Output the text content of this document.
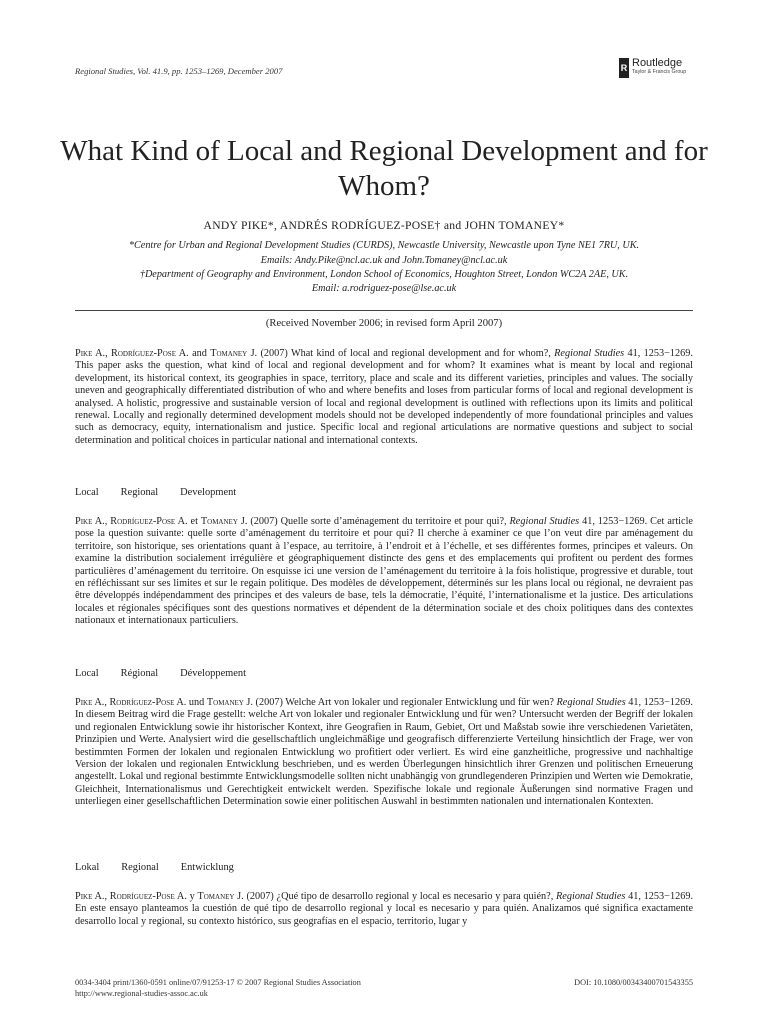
Regional Studies, Vol. 41.9, pp. 1253–1269, December 2007	R Routledge
Taylor & Francis Group
What Kind of Local and Regional Development and for Whom?
ANDY PIKE*, ANDRÉS RODRÍGUEZ-POSE† and JOHN TOMANEY*
*Centre for Urban and Regional Development Studies (CURDS), Newcastle University, Newcastle upon Tyne NE1 7RU, UK.
Emails: Andy.Pike@ncl.ac.uk and John.Tomaney@ncl.ac.uk
†Department of Geography and Environment, London School of Economics, Houghton Street, London WC2A 2AE, UK.
Email: a.rodriguez-pose@lse.ac.uk
(Received November 2006; in revised form April 2007)
Pike A., Rodríguez-Pose A. and Tomaney J. (2007) What kind of local and regional development and for whom?, Regional Studies 41, 1253−1269. This paper asks the question, what kind of local and regional development and for whom? It examines what is meant by local and regional development, its historical context, its geographies in space, territory, place and scale and its different varieties, principles and values. The socially uneven and geographically differentiated distribution of who and where benefits and loses from particular forms of local and regional development is analysed. A holistic, progressive and sustainable version of local and regional development is outlined with reflections upon its limits and political renewal. Locally and regionally determined development models should not be developed independently of more foundational principles and values such as democracy, equity, internationalism and justice. Specific local and regional articulations are normative questions and subject to social determination and political choices in particular national and international contexts.
Local Regional Development
Pike A., Rodríguez-Pose A. et Tomaney J. (2007) Quelle sorte d’aménagement du territoire et pour qui?, Regional Studies 41, 1253−1269. Cet article pose la question suivante: quelle sorte d’aménagement du territoire et pour qui? Il cherche à examiner ce que l’on veut dire par aménagement du territoire, son historique, ses orientations quant à l’espace, au territoire, à l’endroit et à l’échelle, et ses différentes formes, principes et valeurs. On examine la distribution socialement irrégulière et géographiquement distincte des gens et des emplacements qui profitent ou perdent des formes particulières d’aménagement du territoire. On esquisse ici une version de l’aménagement du territoire à la fois holistique, progressive et durable, tout en réfléchissant sur ses limites et sur le regain politique. Des modèles de développement, déterminés sur les plans local ou régional, ne devraient pas être développés indépendamment des principes et des valeurs de base, tels la démocratie, l’équité, l’internationalisme et la justice. Des articulations locales et régionales spécifiques sont des questions normatives et dépendent de la détermination sociale et des choix politiques dans des contextes nationaux et internationaux particuliers.
Local Régional Développement
Pike A., Rodríguez-Pose A. und Tomaney J. (2007) Welche Art von lokaler und regionaler Entwicklung und für wen? Regional Studies 41, 1253−1269. In diesem Beitrag wird die Frage gestellt: welche Art von lokaler und regionaler Entwicklung und für wen? Untersucht werden der Begriff der lokalen und regionalen Entwicklung sowie ihr historischer Kontext, ihre Geografien in Raum, Gebiet, Ort und Maßstab sowie ihre verschiedenen Varietäten, Prinzipien und Werte. Analysiert wird die gesellschaftlich ungleichmäßige und geografisch differenzierte Verteilung hinsichtlich der Frage, wer von bestimmten Formen der lokalen und regionalen Entwicklung wo profitiert oder verliert. Es wird eine ganzheitliche, progressive und nachhaltige Version der lokalen und regionalen Entwicklung beschrieben, und es werden Überlegungen hinsichtlich ihrer Grenzen und politischen Erneuerung angestellt. Lokal und regional bestimmte Entwicklungsmodelle sollten nicht unabhängig von grundlegenderen Prinzipien und Werten wie Demokratie, Gleichheit, Internationalismus und Gerechtigkeit entwickelt werden. Spezifische lokale und regionale Äußerungen sind normative Fragen und unterliegen einer gesellschaftlichen Determination sowie einer politischen Auswahl in bestimmten nationalen und internationalen Kontexten.
Lokal Regional Entwicklung
Pike A., Rodríguez-Pose A. y Tomaney J. (2007) ¿Qué tipo de desarrollo regional y local es necesario y para quién?, Regional Studies 41, 1253−1269. En este ensayo planteamos la cuestión de qué tipo de desarrollo regional y local es necesario y para quién. Analizamos qué significa exactamente desarrollo local y regional, su contexto histórico, sus geografías en el espacio, territorio, lugar y
0034-3404 print/1360-0591 online/07/91253-17 © 2007 Regional Studies Association
http://www.regional-studies-assoc.ac.uk
DOI: 10.1080/00343400701543355
